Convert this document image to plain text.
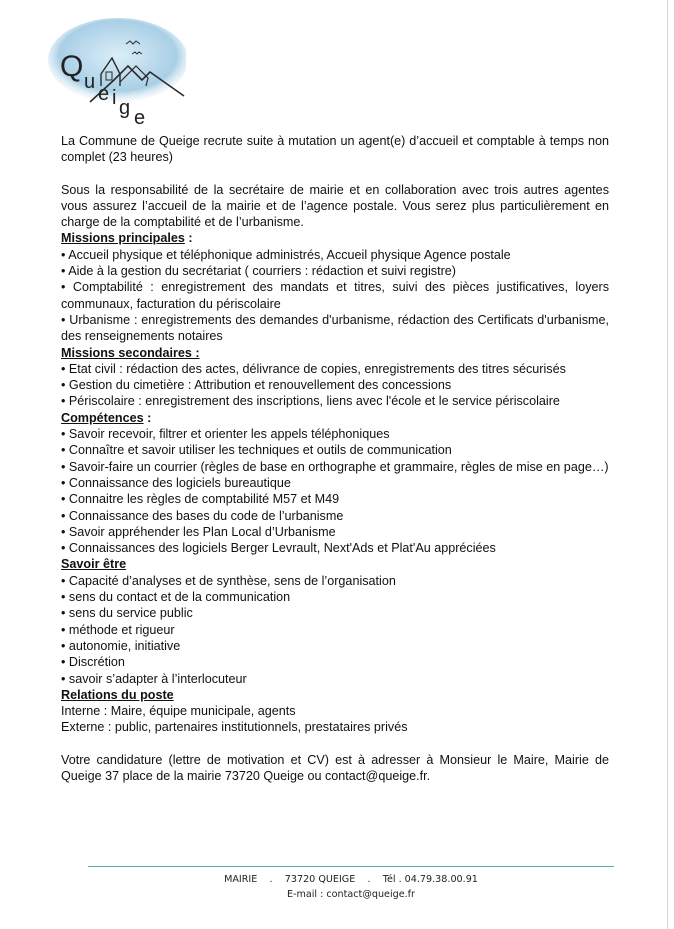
Q u
e i g e

La Commune de Queige recrute suite à mutation un agent(e) d’accueil et comptable à temps non complet (23 heures)

Sous la responsabilité de la secrétaire de mairie et en collaboration avec trois autres agentes vous assurez l’accueil de la mairie et de l’agence postale. Vous serez plus particulièrement en charge de la comptabilité et de l’urbanisme.

Missions principales :

• Accueil physique et téléphonique administrés, Accueil physique Agence postale

• Aide à la gestion du secrétariat ( courriers : rédaction et suivi registre)

• Comptabilité : enregistrement des mandats et titres, suivi des pièces justificatives, loyers communaux, facturation du périscolaire

• Urbanisme : enregistrements des demandes d'urbanisme, rédaction des Certificats d'urbanisme, des renseignements notaires

Missions secondaires :

• Etat civil : rédaction des actes, délivrance de copies, enregistrements des titres sécurisés

• Gestion du cimetière : Attribution et renouvellement des concessions

• Périscolaire : enregistrement des inscriptions, liens avec l'école et le service périscolaire

Compétences :

• Savoir recevoir, filtrer et orienter les appels téléphoniques

• Connaître et savoir utiliser les techniques et outils de communication

• Savoir-faire un courrier (règles de base en orthographe et grammaire, règles de mise en page…)

• Connaissance des logiciels bureautique

• Connaitre les règles de comptabilité M57 et M49

• Connaissance des bases du code de l’urbanisme

• Savoir appréhender les Plan Local d’Urbanisme

• Connaissances des logiciels Berger Levrault, Next'Ads et Plat'Au appréciées

Savoir être

• Capacité d’analyses et de synthèse, sens de l’organisation

• sens du contact et de la communication

• sens du service public

• méthode et rigueur

• autonomie, initiative

• Discrétion

• savoir s’adapter à l’interlocuteur

Relations du poste

Interne : Maire, équipe municipale, agents

Externe : public, partenaires institutionnels, prestataires privés

Votre candidature (lettre de motivation et CV) est à adresser à Monsieur le Maire, Mairie de Queige 37 place de la mairie 73720 Queige ou contact@queige.fr.

MAIRIE    .    73720 QUEIGE    .    Tél . 04.79.38.00.91
E-mail : contact@queige.fr
